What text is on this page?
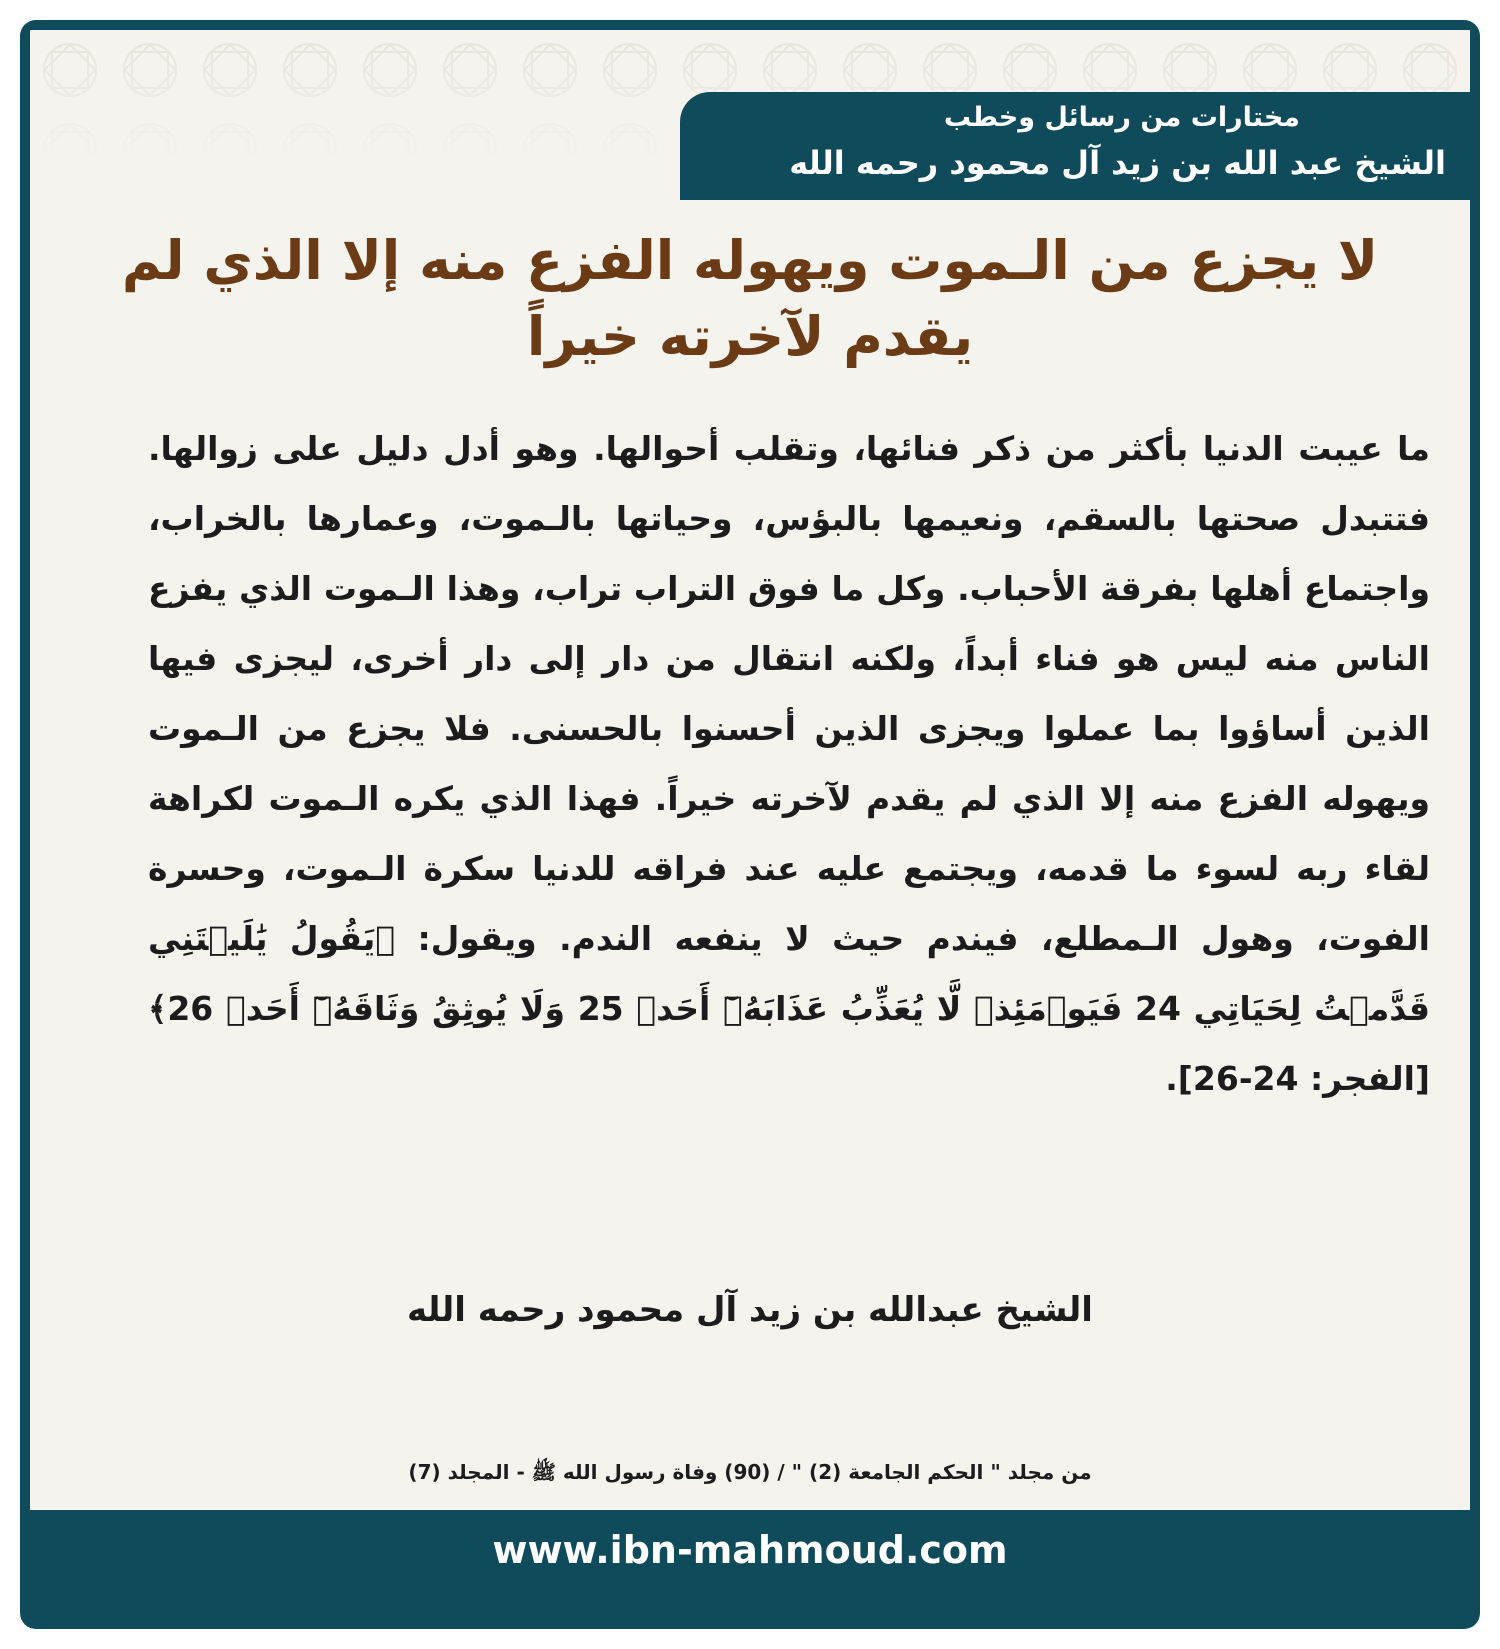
مختارات من رسائل وخطب
الشيخ عبد الله بن زيد آل محمود رحمه الله
لا يجزع من الـموت ويهوله الفزع منه إلا الذي لم يقدم لآخرته خيراً
ما عيبت الدنيا بأكثر من ذكر فنائها، وتقلب أحوالها. وهو أدل دليل على زوالها. فتتبدل صحتها بالسقم، ونعيمها بالبؤس، وحياتها بالـموت، وعمارها بالخراب، واجتماع أهلها بفرقة الأحباب. وكل ما فوق التراب تراب، وهذا الـموت الذي يفزع الناس منه ليس هو فناء أبداً، ولكنه انتقال من دار إلى دار أخرى، ليجزى فيها الذين أساؤوا بما عملوا ويجزى الذين أحسنوا بالحسنى. فلا يجزع من الـموت ويهوله الفزع منه إلا الذي لم يقدم لآخرته خيراً. فهذا الذي يكره الـموت لكراهة لقاء ربه لسوء ما قدمه، ويجتمع عليه عند فراقه للدنيا سكرة الـموت، وحسرة الفوت، وهول الـمطلع، فيندم حيث لا ينفعه الندم. ويقول: ﴿يَقُولُ يَٰلَيۡتَنِي قَدَّمۡتُ لِحَيَاتِي 24 فَيَوۡمَئِذٖ لَّا يُعَذِّبُ عَذَابَهُۥٓ أَحَدٞ 25 وَلَا يُوثِقُ وَثَاقَهُۥٓ أَحَدٞ 26﴾ [الفجر: 24-26].
الشيخ عبدالله بن زيد آل محمود رحمه الله
من مجلد " الحكم الجامعة (2) " / (90) وفاة رسول الله ﷺ - المجلد (7)
www.ibn-mahmoud.com
